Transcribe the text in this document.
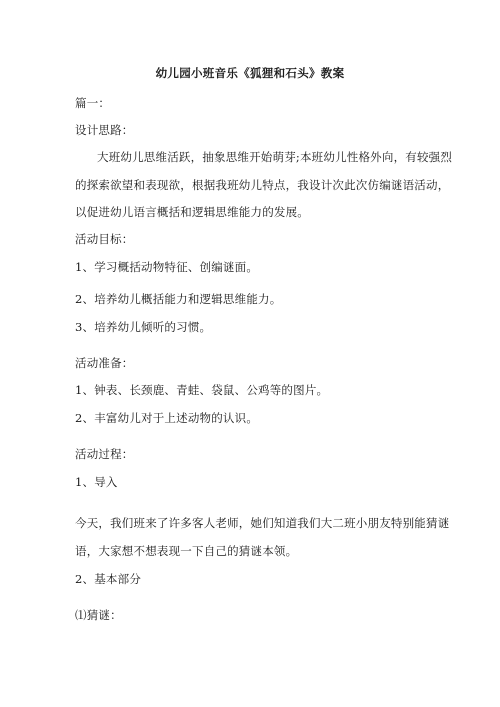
幼儿园小班音乐《狐狸和石头》教案
篇一：
设计思路：
大班幼儿思维活跃，抽象思维开始萌芽;本班幼儿性格外向，有较强烈
的探索欲望和表现欲，根据我班幼儿特点，我设计次此次仿编谜语活动，
以促进幼儿语言概括和逻辑思维能力的发展。
活动目标：
1、学习概括动物特征、创编谜面。
2、培养幼儿概括能力和逻辑思维能力。
3、培养幼儿倾听的习惯。
活动准备：
1、钟表、长颈鹿、青蛙、袋鼠、公鸡等的图片。
2、丰富幼儿对于上述动物的认识。
活动过程：
1、导入
今天，我们班来了许多客人老师，她们知道我们大二班小朋友特别能猜谜
语，大家想不想表现一下自己的猜谜本领。
2、基本部分
⑴猜谜：
